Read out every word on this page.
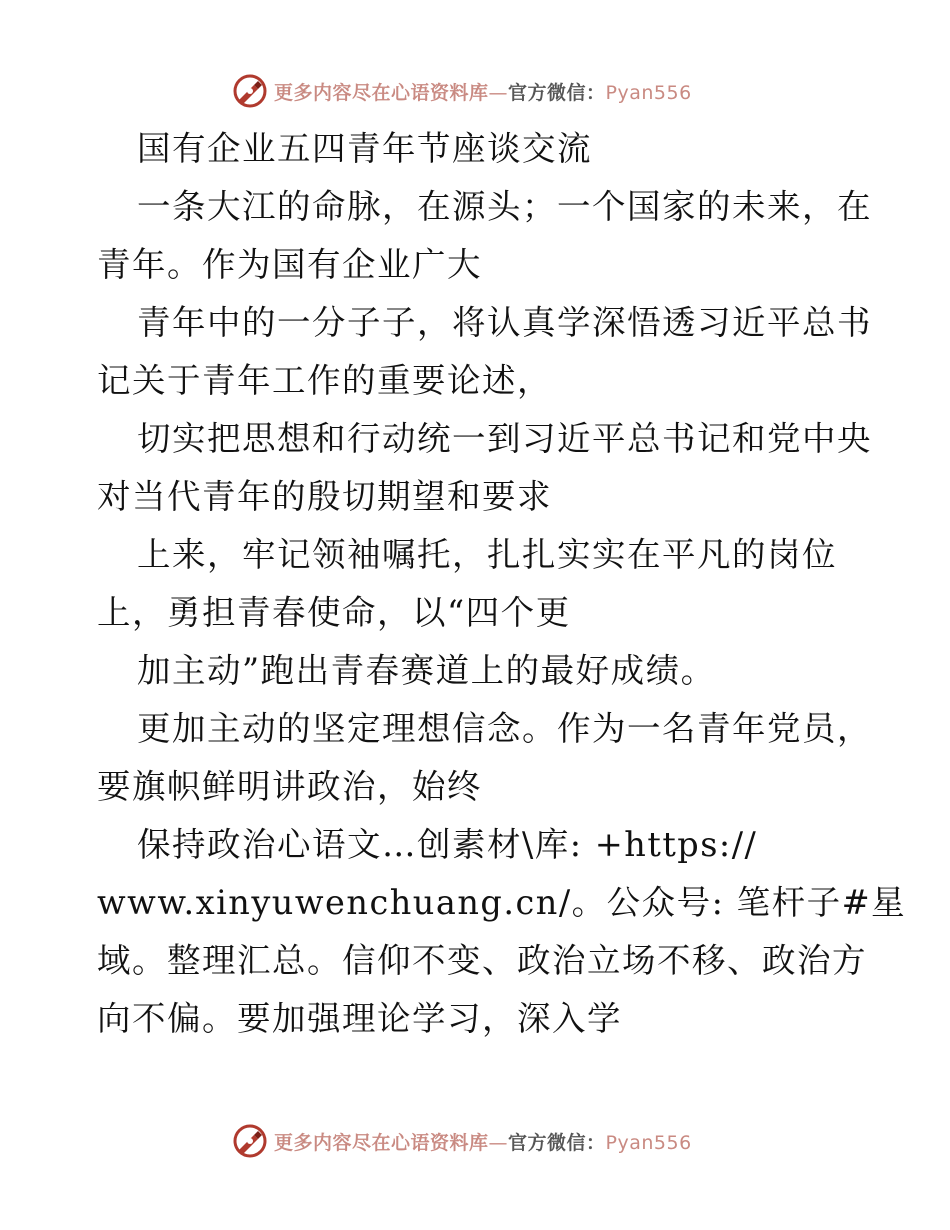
更多内容尽在心语资料库—官方微信：Pyan556
国有企业五四青年节座谈交流
一条大江的命脉，在源头；一个国家的未来，在
青年。作为国有企业广大
青年中的一分子子，将认真学深悟透习近平总书
记关于青年工作的重要论述，
切实把思想和行动统一到习近平总书记和党中央
对当代青年的殷切期望和要求
上来，牢记领袖嘱托，扎扎实实在平凡的岗位
上，勇担青春使命，以“四个更
加主动”跑出青春赛道上的最好成绩。
更加主动的坚定理想信念。作为一名青年党员，
要旗帜鲜明讲政治，始终
保持政治心语文…创素材\库: +https://
www.xinyuwenchuang.cn/。公众号: 笔杆子#星
域。整理汇总。信仰不变、政治立场不移、政治方
向不偏。要加强理论学习，深入学
更多内容尽在心语资料库—官方微信：Pyan556
